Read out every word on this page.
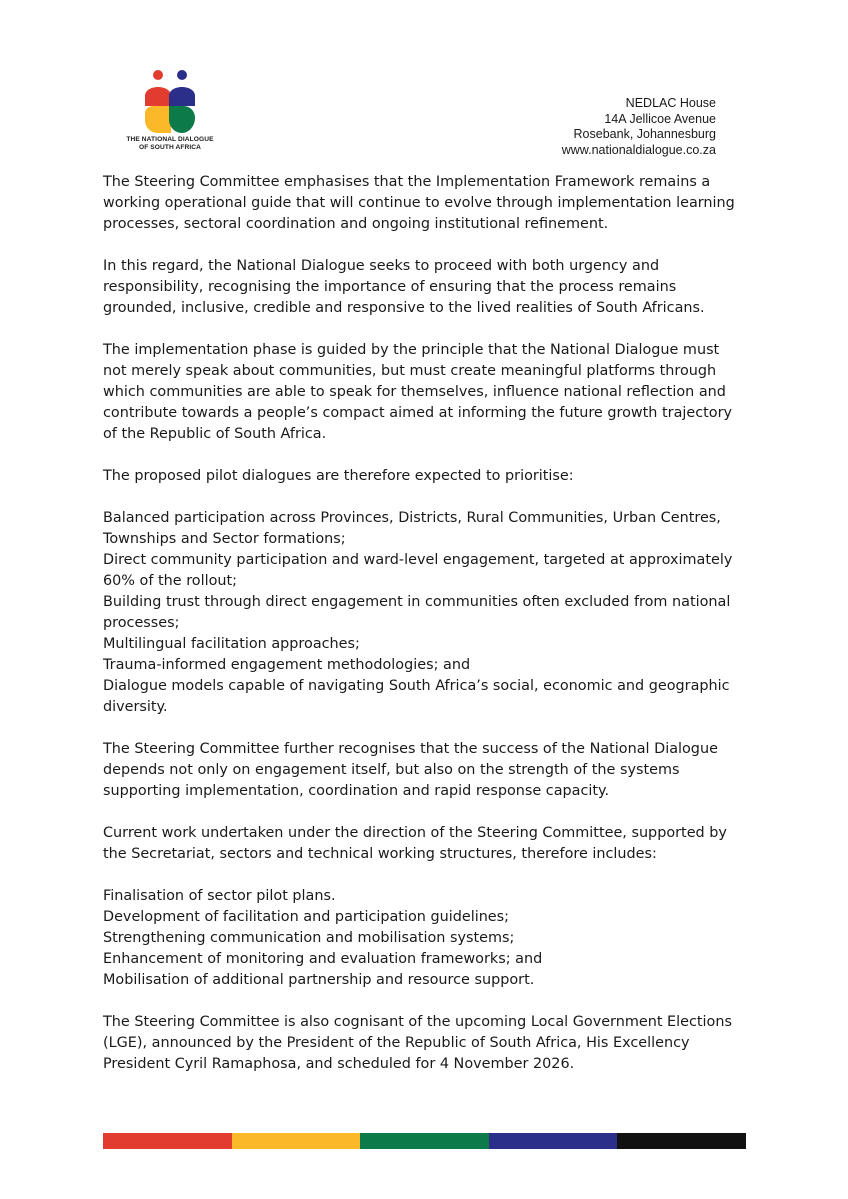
THE NATIONAL DIALOGUE
OF SOUTH AFRICA
NEDLAC House
14A Jellicoe Avenue
Rosebank, Johannesburg
www.nationaldialogue.co.za

The Steering Committee emphasises that the Implementation Framework remains a
working operational guide that will continue to evolve through implementation learning
processes, sectoral coordination and ongoing institutional refinement.

In this regard, the National Dialogue seeks to proceed with both urgency and
responsibility, recognising the importance of ensuring that the process remains
grounded, inclusive, credible and responsive to the lived realities of South Africans.

The implementation phase is guided by the principle that the National Dialogue must
not merely speak about communities, but must create meaningful platforms through
which communities are able to speak for themselves, influence national reflection and
contribute towards a people’s compact aimed at informing the future growth trajectory
of the Republic of South Africa.

The proposed pilot dialogues are therefore expected to prioritise:

Balanced participation across Provinces, Districts, Rural Communities, Urban Centres,
Townships and Sector formations;
Direct community participation and ward-level engagement, targeted at approximately
60% of the rollout;
Building trust through direct engagement in communities often excluded from national
processes;
Multilingual facilitation approaches;
Trauma-informed engagement methodologies; and
Dialogue models capable of navigating South Africa’s social, economic and geographic
diversity.

The Steering Committee further recognises that the success of the National Dialogue
depends not only on engagement itself, but also on the strength of the systems
supporting implementation, coordination and rapid response capacity.

Current work undertaken under the direction of the Steering Committee, supported by
the Secretariat, sectors and technical working structures, therefore includes:

Finalisation of sector pilot plans.
Development of facilitation and participation guidelines;
Strengthening communication and mobilisation systems;
Enhancement of monitoring and evaluation frameworks; and
Mobilisation of additional partnership and resource support.

The Steering Committee is also cognisant of the upcoming Local Government Elections
(LGE), announced by the President of the Republic of South Africa, His Excellency
President Cyril Ramaphosa, and scheduled for 4 November 2026.
